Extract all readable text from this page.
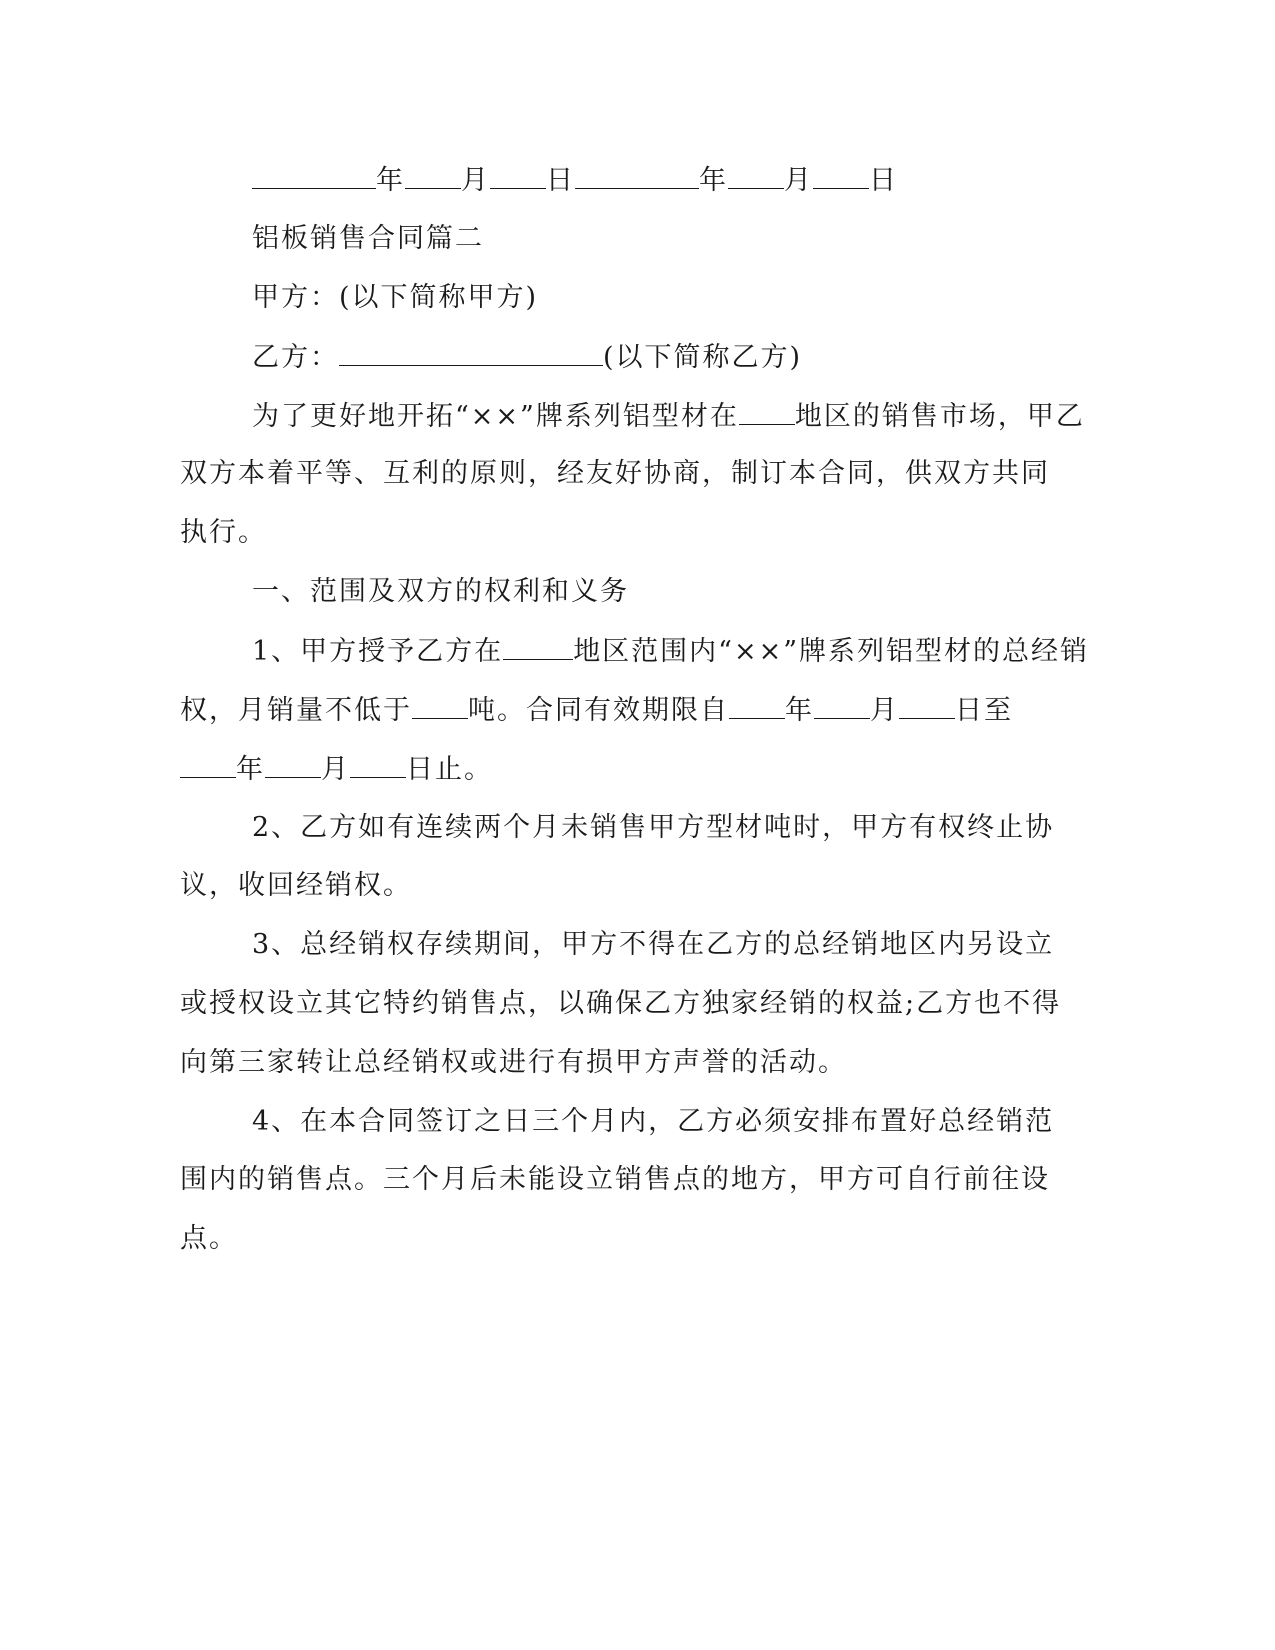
年 月 日	年 月 日
铝板销售合同篇二
甲方：(以下简称甲方)
乙方：	(以下简称乙方)
为了更好地开拓“××”牌系列铝型材在 地区的销售市场，甲乙
双方本着平等、互利的原则，经友好协商，制订本合同，供双方共同
执行。
一、范围及双方的权利和义务
1、甲方授予乙方在	地区范围内“××”牌系列铝型材的总经销
权，月销量不低于 吨。合同有效期限自 年 月 日至
年 月 日止。
2、乙方如有连续两个月未销售甲方型材吨时，甲方有权终止协
议，收回经销权。
3、总经销权存续期间，甲方不得在乙方的总经销地区内另设立
或授权设立其它特约销售点，以确保乙方独家经销的权益;乙方也不得
向第三家转让总经销权或进行有损甲方声誉的活动。
4、在本合同签订之日三个月内，乙方必须安排布置好总经销范
围内的销售点。三个月后未能设立销售点的地方，甲方可自行前往设
点。
